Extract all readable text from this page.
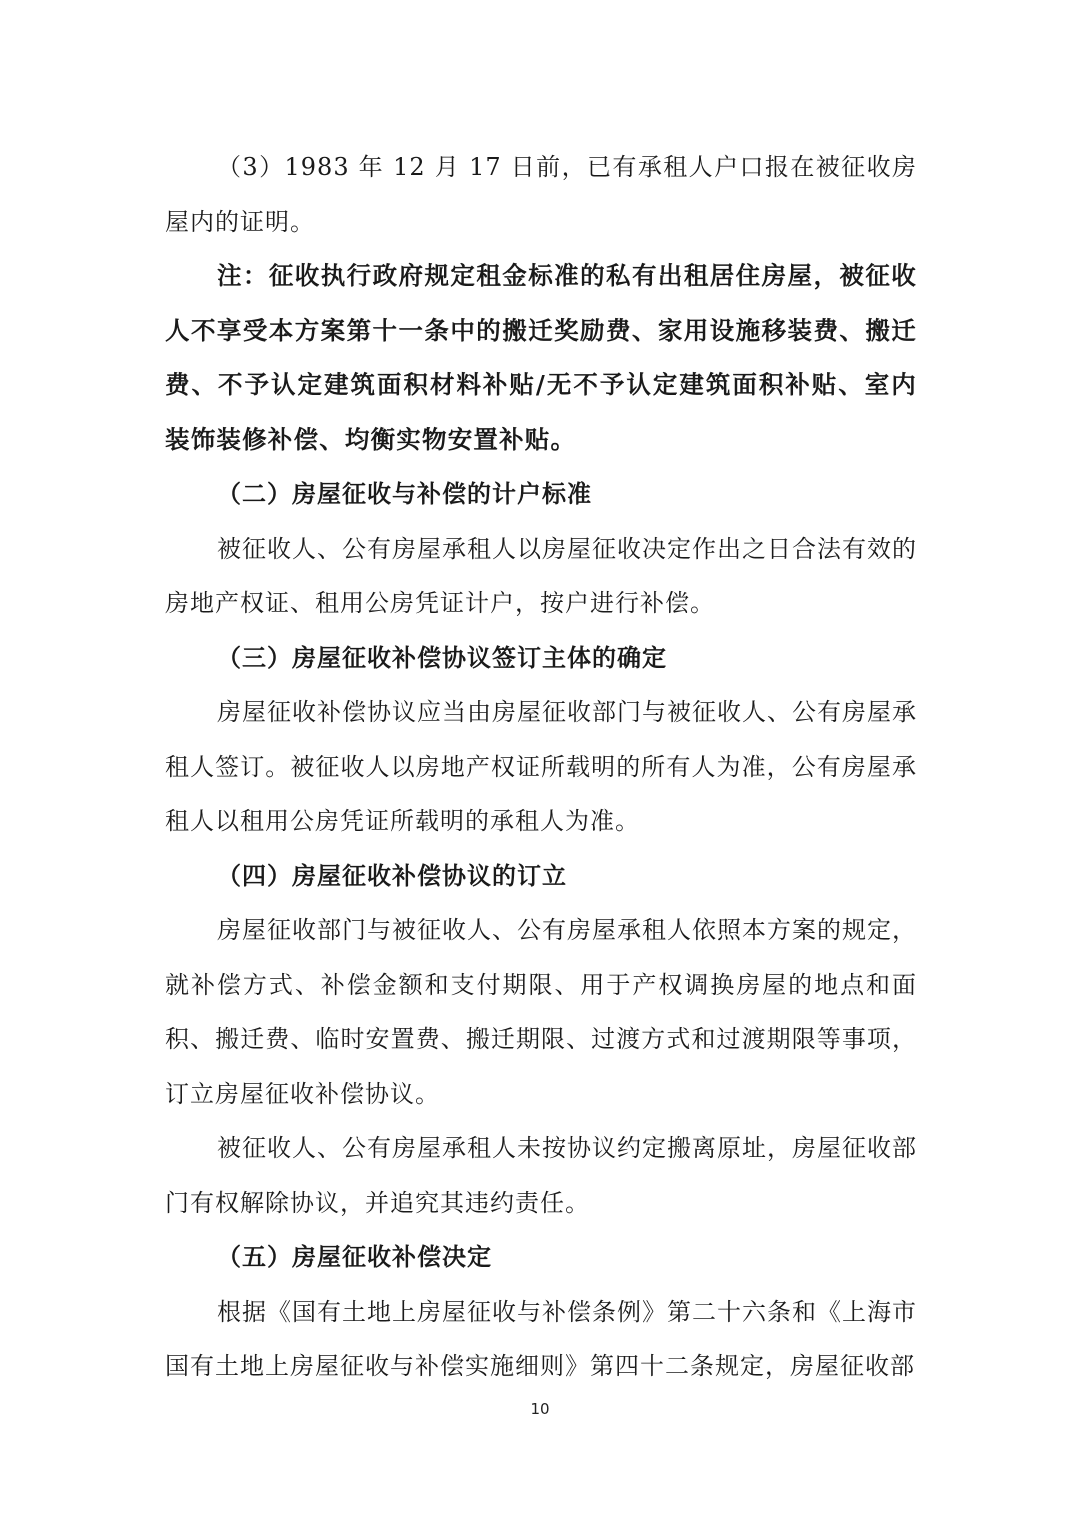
（3）1983 年 12 月 17 日前，已有承租人户口报在被征收房屋内的证明。

注：征收执行政府规定租金标准的私有出租居住房屋，被征收人不享受本方案第十一条中的搬迁奖励费、家用设施移装费、搬迁费、不予认定建筑面积材料补贴/无不予认定建筑面积补贴、室内装饰装修补偿、均衡实物安置补贴。

（二）房屋征收与补偿的计户标准

被征收人、公有房屋承租人以房屋征收决定作出之日合法有效的房地产权证、租用公房凭证计户，按户进行补偿。

（三）房屋征收补偿协议签订主体的确定

房屋征收补偿协议应当由房屋征收部门与被征收人、公有房屋承租人签订。被征收人以房地产权证所载明的所有人为准，公有房屋承租人以租用公房凭证所载明的承租人为准。

（四）房屋征收补偿协议的订立

房屋征收部门与被征收人、公有房屋承租人依照本方案的规定，就补偿方式、补偿金额和支付期限、用于产权调换房屋的地点和面积、搬迁费、临时安置费、搬迁期限、过渡方式和过渡期限等事项，订立房屋征收补偿协议。

被征收人、公有房屋承租人未按协议约定搬离原址，房屋征收部门有权解除协议，并追究其违约责任。

（五）房屋征收补偿决定

根据《国有土地上房屋征收与补偿条例》第二十六条和《上海市国有土地上房屋征收与补偿实施细则》第四十二条规定，房屋征收部

10
